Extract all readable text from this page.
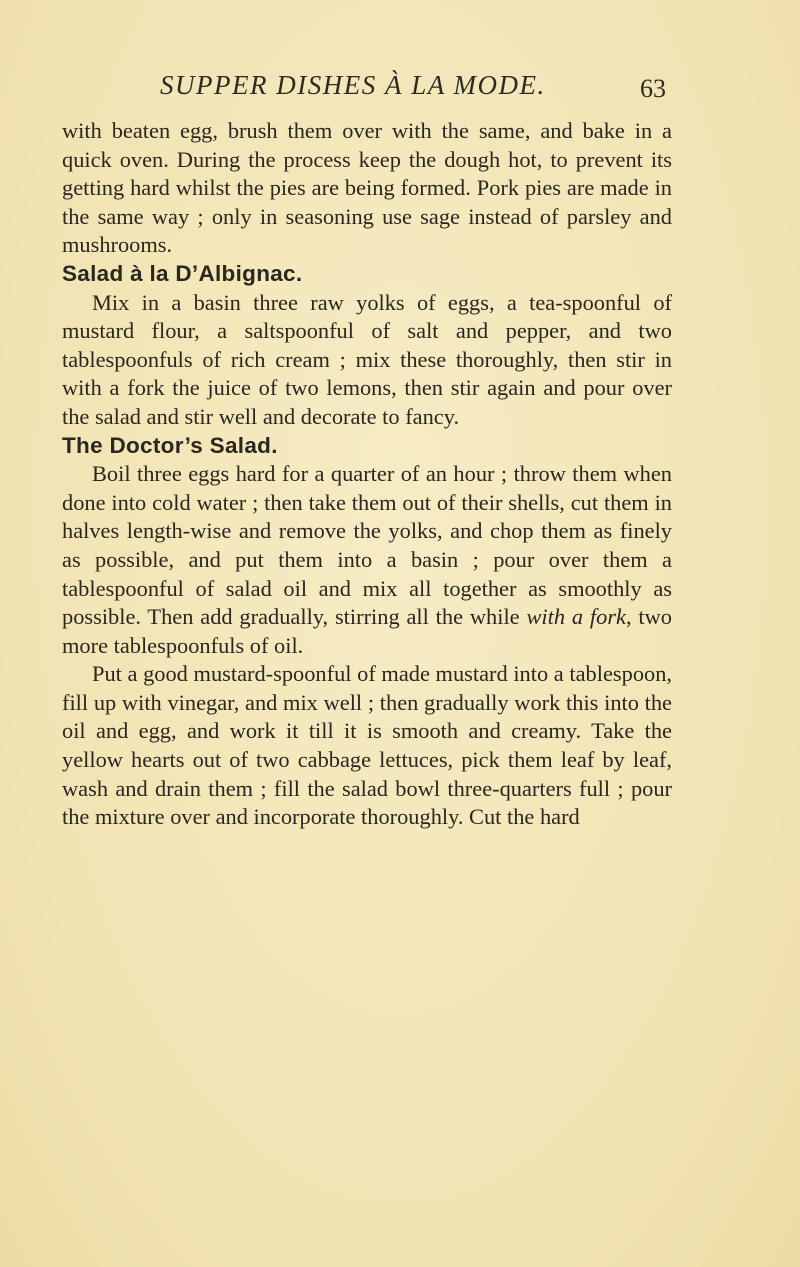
SUPPER DISHES À LA MODE.	63

with beaten egg, brush them over with the same, and bake in a quick oven. During the process keep the dough hot, to prevent its getting hard whilst the pies are being formed. Pork pies are made in the same way ; only in seasoning use sage instead of parsley and mushrooms.

Salad à la D’Albignac.

Mix in a basin three raw yolks of eggs, a tea-spoonful of mustard flour, a saltspoonful of salt and pepper, and two tablespoonfuls of rich cream ; mix these thoroughly, then stir in with a fork the juice of two lemons, then stir again and pour over the salad and stir well and decorate to fancy.

The Doctor’s Salad.

Boil three eggs hard for a quarter of an hour ; throw them when done into cold water ; then take them out of their shells, cut them in halves length-wise and remove the yolks, and chop them as finely as possible, and put them into a basin ; pour over them a tablespoonful of salad oil and mix all together as smoothly as possible. Then add gradually, stirring all the while with a fork, two more tablespoonfuls of oil.

Put a good mustard-spoonful of made mustard into a tablespoon, fill up with vinegar, and mix well ; then gradually work this into the oil and egg, and work it till it is smooth and creamy. Take the yellow hearts out of two cabbage lettuces, pick them leaf by leaf, wash and drain them ; fill the salad bowl three-quarters full ; pour the mixture over and incorporate thoroughly. Cut the hard
